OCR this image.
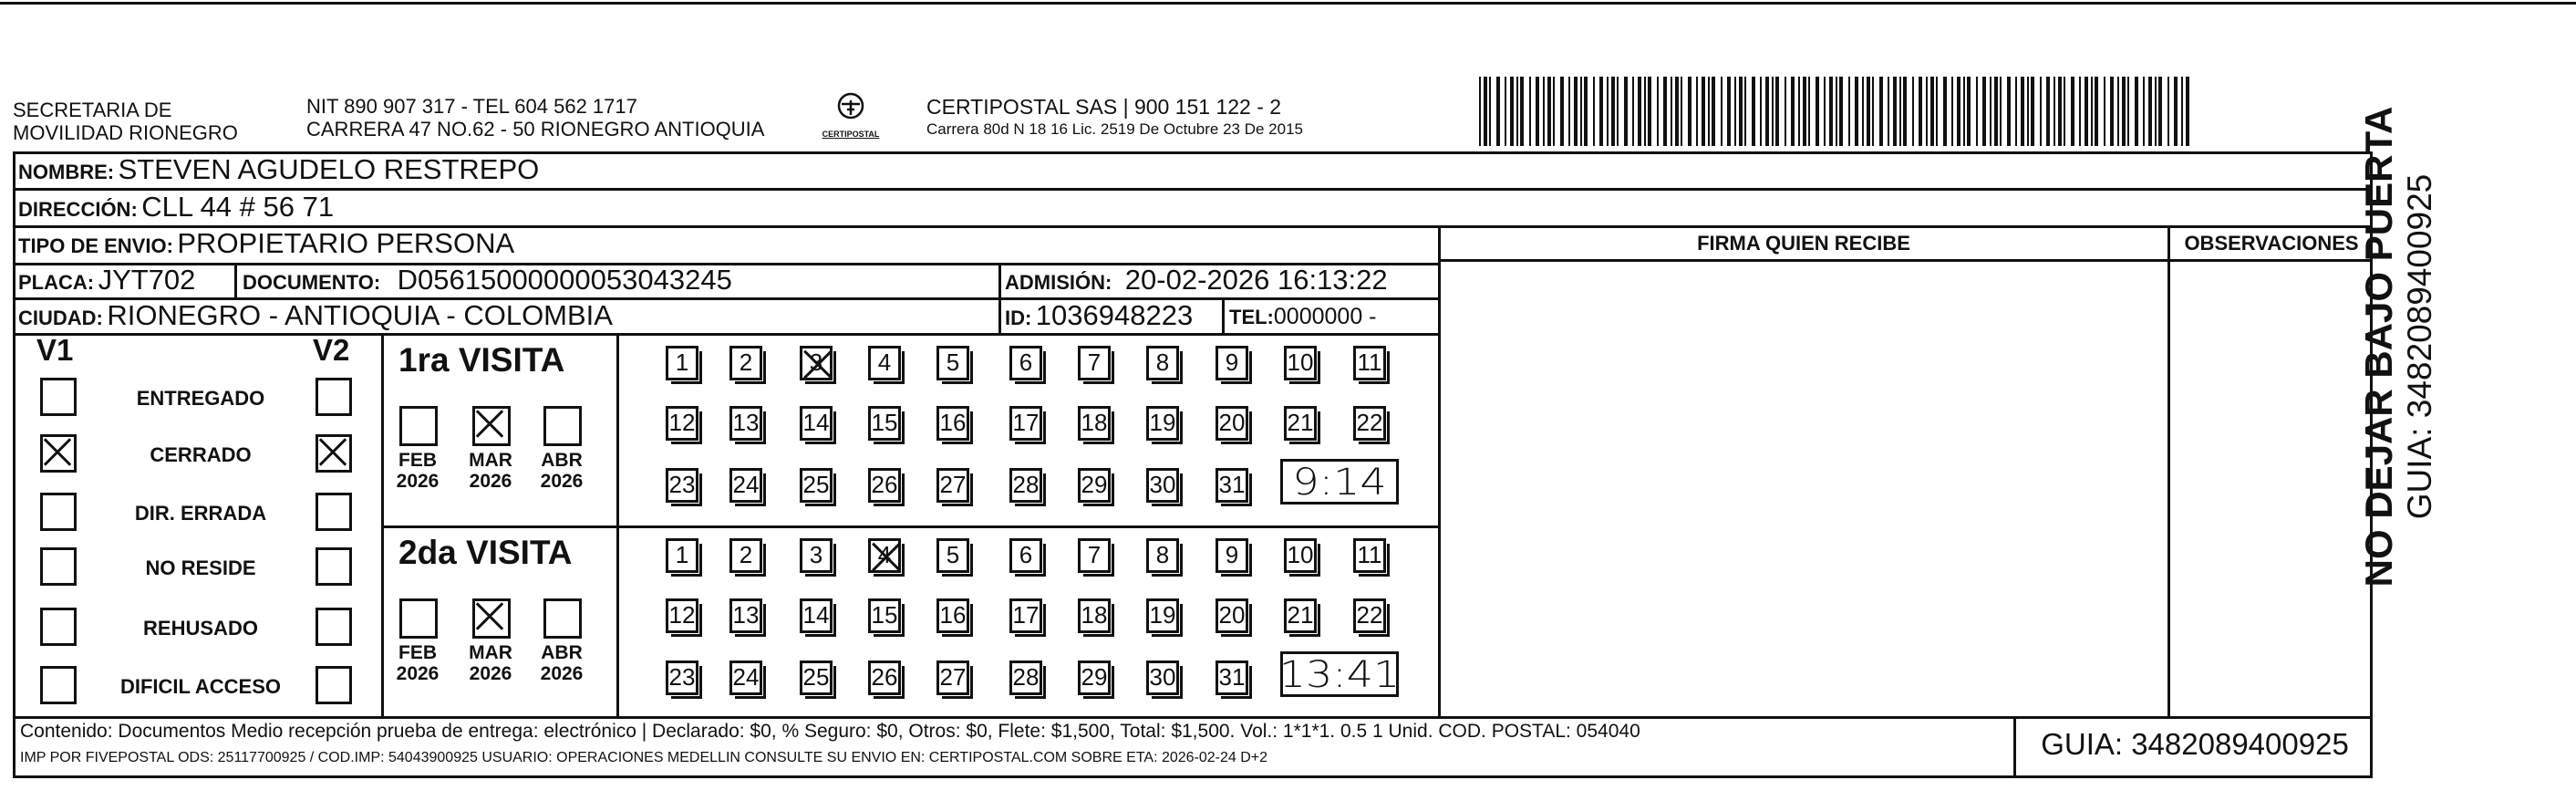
SECRETARIA DE
MOVILIDAD RIONEGRO
NIT 890 907 317 - TEL 604 562 1717
CARRERA 47 NO.62 - 50 RIONEGRO ANTIOQUIA	CERTIPOSTAL
CERTIPOSTAL SAS | 900 151 122 - 2
Carrera 80d N 18 16 Lic. 2519 De Octubre 23 De 2015
NOMBRE: STEVEN AGUDELO RESTREPO
DIRECCIÓN: CLL 44 # 56 71
TIPO DE ENVIO: PROPIETARIO PERSONA
PLACA: JYT702 DOCUMENTO: D05615000000053043245	ADMISIÓN: 20-02-2026 16:13:22
CIUDAD: RIONEGRO - ANTIOQUIA - COLOMBIA	ID: 1036948223 TEL:0000000 -
FIRMA QUIEN RECIBE	OBSERVACIONES
V1	V2
ENTREGADO
CERRADO
DIR. ERRADA
NO RESIDE
REHUSADO
DIFICIL ACCESO
1ra VISITA
2da VISITA
FEB
2026
MAR
2026
ABR
2026
1	2	3	4	5	6	7	8	9	10 11
12 13 14 15 16 17 18 19 20 21 22
23 24 25 26 27 28 29 30 31	9:14
FEB
2026
MAR
2026
ABR
2026
1	2	3	4	5	6	7	8	9	10 11
12 13 14 15 16 17 18 19 20 21 22
23 24 25 26 27 28 29 30 31 13:41
Contenido: Documentos Medio recepción prueba de entrega: electrónico | Declarado: $0, % Seguro: $0, Otros: $0, Flete: $1,500, Total: $1,500. Vol.: 1*1*1. 0.5 1 Unid. COD. POSTAL: 054040
IMP POR FIVEPOSTAL ODS: 25117700925 / COD.IMP: 54043900925 USUARIO: OPERACIONES MEDELLIN CONSULTE SU ENVIO EN: CERTIPOSTAL.COM SOBRE ETA: 2026-02-24 D+2	GUIA: 3482089400925
NO DEJAR BAJO PUERTA GUIA: 3482089400925
